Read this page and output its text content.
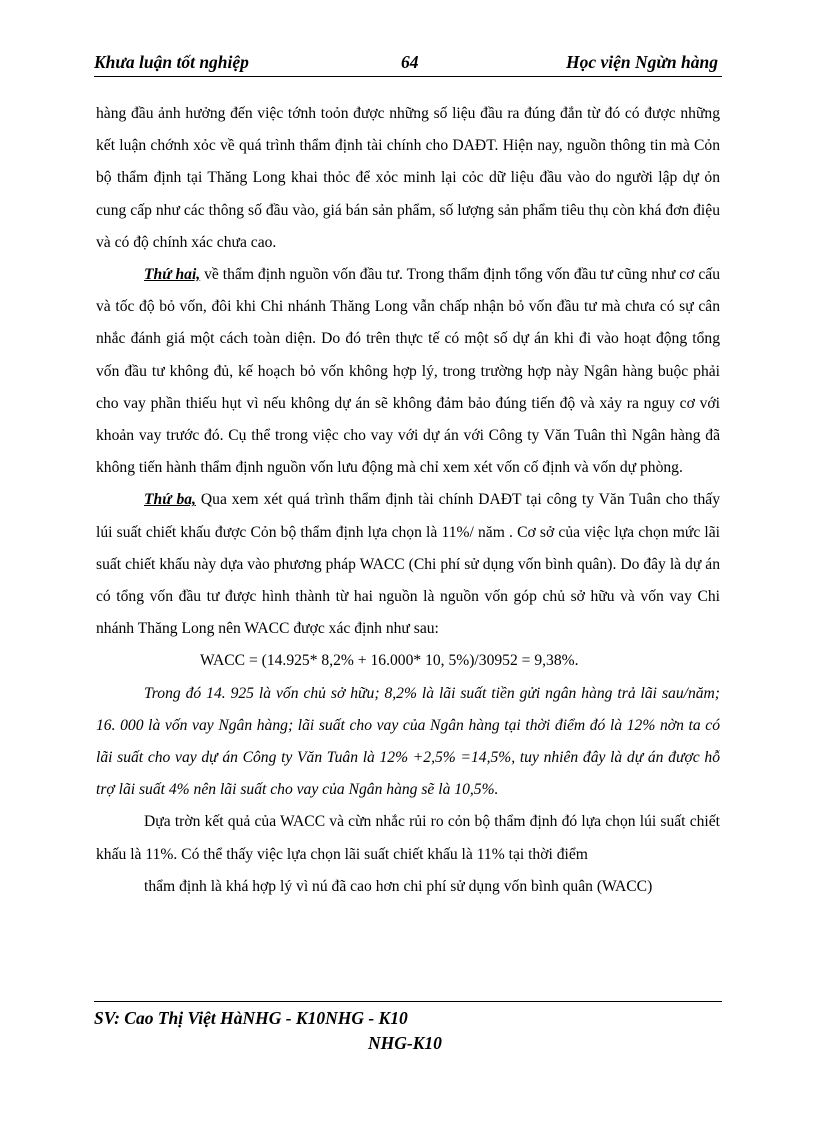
Khưa luận tốt nghiệp	64	Học viện Ngừn hàng

hàng đầu ảnh hưởng đến việc tớnh toỏn được những số liệu đầu ra đúng đắn từ đó có được những kết luận chớnh xỏc về quá trình thẩm định tài chính cho DAĐT. Hiện nay, nguồn thông tin mà Cỏn bộ thẩm định tại Thăng Long khai thỏc để xỏc minh lại cỏc dữ liệu đầu vào do người lập dự ỏn cung cấp như các thông số đầu vào, giá bán sản phẩm, số lượng sản phẩm tiêu thụ còn khá đơn điệu và có độ chính xác chưa cao.

Thứ hai, về thẩm định nguồn vốn đầu tư. Trong thẩm định tổng vốn đầu tư cũng như cơ cấu và tốc độ bỏ vốn, đôi khi Chi nhánh Thăng Long vẫn chấp nhận bỏ vốn đầu tư mà chưa có sự cân nhắc đánh giá một cách toàn diện. Do đó trên thực tế có một số dự án khi đi vào hoạt động tổng vốn đầu tư không đủ, kế hoạch bỏ vốn không hợp lý, trong trường hợp này Ngân hàng buộc phải cho vay phần thiếu hụt vì nếu không dự án sẽ không đảm bảo đúng tiến độ và xảy ra nguy cơ với khoản vay trước đó. Cụ thể trong việc cho vay với dự án với Công ty Văn Tuân thì Ngân hàng đã không tiến hành thẩm định nguồn vốn lưu động mà chỉ xem xét vốn cố định và vốn dự phòng.

Thứ ba, Qua xem xét quá trình thẩm định tài chính DAĐT tại công ty Văn Tuân cho thấy lúi suất chiết khấu được Cỏn bộ thẩm định lựa chọn là 11%/ năm . Cơ sở của việc lựa chọn mức lãi suất chiết khấu này dựa vào phương pháp WACC (Chi phí sử dụng vốn bình quân). Do đây là dự án có tổng vốn đầu tư được hình thành từ hai nguồn là nguồn vốn góp chủ sở hữu và vốn vay Chi nhánh Thăng Long nên WACC được xác định như sau:

WACC = (14.925* 8,2% + 16.000* 10, 5%)/30952 = 9,38%.

Trong đó 14. 925 là vốn chủ sở hữu; 8,2% là lãi suất tiền gửi ngân hàng trả lãi sau/năm; 16. 000 là vốn vay Ngân hàng; lãi suất cho vay của Ngân hàng tại thời điểm đó là 12% nờn ta có lãi suất cho vay dự án Công ty Văn Tuân là 12% +2,5% =14,5%, tuy nhiên đây là dự án được hỗ trợ lãi suất 4% nên lãi suất cho vay của Ngân hàng sẽ là 10,5%.

Dựa trờn kết quả của WACC và cừn nhắc rủi ro cỏn bộ thẩm định đó lựa chọn lúi suất chiết khấu là 11%. Có thể thấy việc lựa chọn lãi suất chiết khấu là 11% tại thời điểm

thẩm định là khá hợp lý vì nú đã cao hơn chi phí sử dụng vốn bình quân (WACC)

SV: Cao Thị Việt HàNHG - K10NHG - K10
NHG-K10
